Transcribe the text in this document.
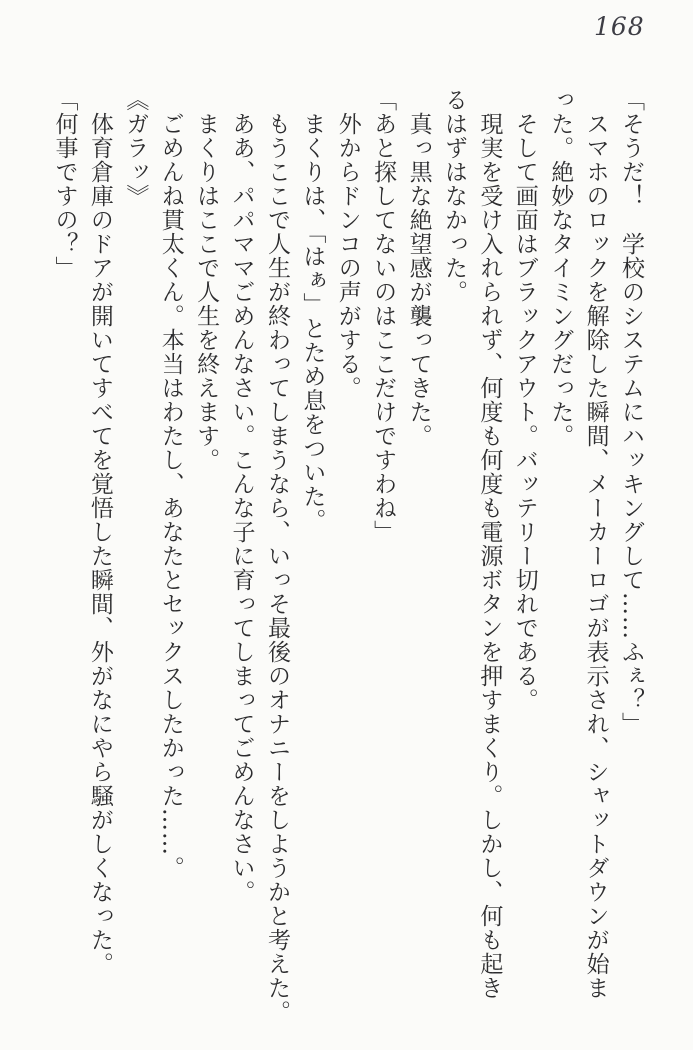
168
「そうだ！　学校のシステムにハッキングして……ふぇ？」
スマホのロックを解除した瞬間、メーカーロゴが表示され、シャットダウンが始ま
った。絶妙なタイミングだった。
そして画面はブラックアウト。バッテリー切れである。
現実を受け入れられず、何度も何度も電源ボタンを押すまくり。しかし、何も起き
るはずはなかった。
真っ黒な絶望感が襲ってきた。
「あと探してないのはここだけですわね」
外からドンコの声がする。
まくりは、「はぁ」とため息をついた。
もうここで人生が終わってしまうなら、いっそ最後のオナニーをしようかと考えた。
ああ、パパママごめんなさい。こんな子に育ってしまってごめんなさい。
まくりはここで人生を終えます。
ごめんね貫太くん。本当はわたし、あなたとセックスしたかった……。
《ガラッ》
体育倉庫のドアが開いてすべてを覚悟した瞬間、外がなにやら騒がしくなった。
「何事ですの？」
